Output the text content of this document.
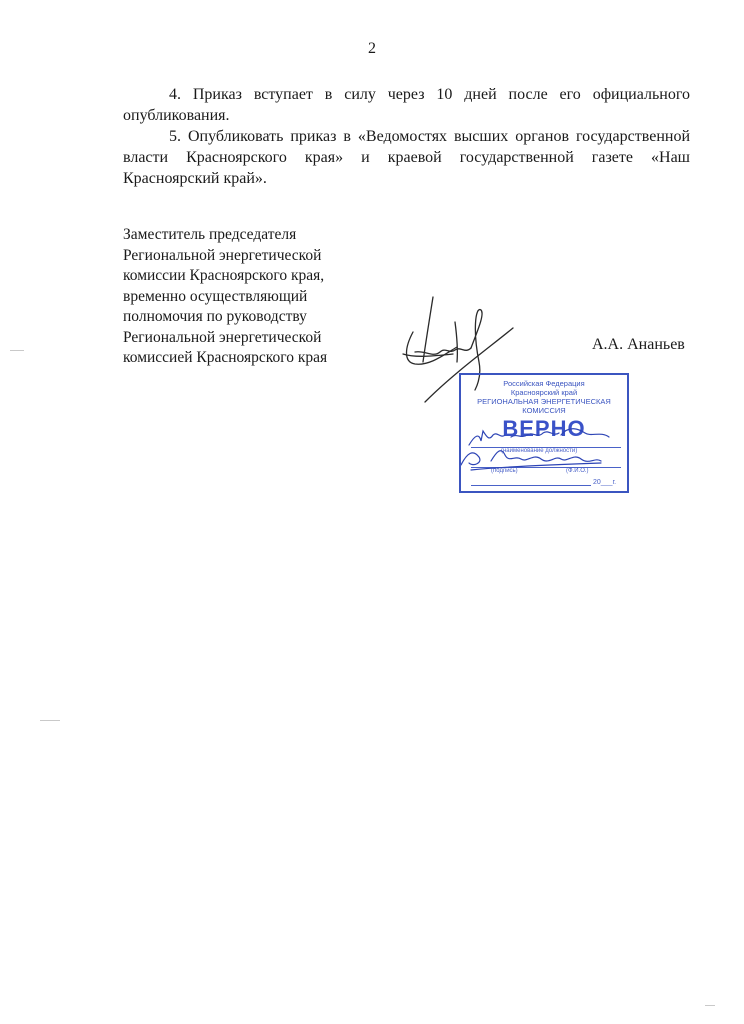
2

4. Приказ вступает в силу через 10 дней после его официального опубликования.

5. Опубликовать приказ в «Ведомостях высших органов государственной власти Красноярского края» и краевой государственной газете «Наш Красноярский край».

Заместитель председателя
Региональной энергетической
комиссии Красноярского края,
временно осуществляющий
полномочия по руководству
Региональной энергетической
комиссией Красноярского края
А.А. Ананьев
Российская Федерация
Красноярский край
РЕГИОНАЛЬНАЯ ЭНЕРГЕТИЧЕСКАЯ
КОМИССИЯ
ВЕРНО
(наименование должности)
(подпись)	(Ф.И.О.)
20___г.
